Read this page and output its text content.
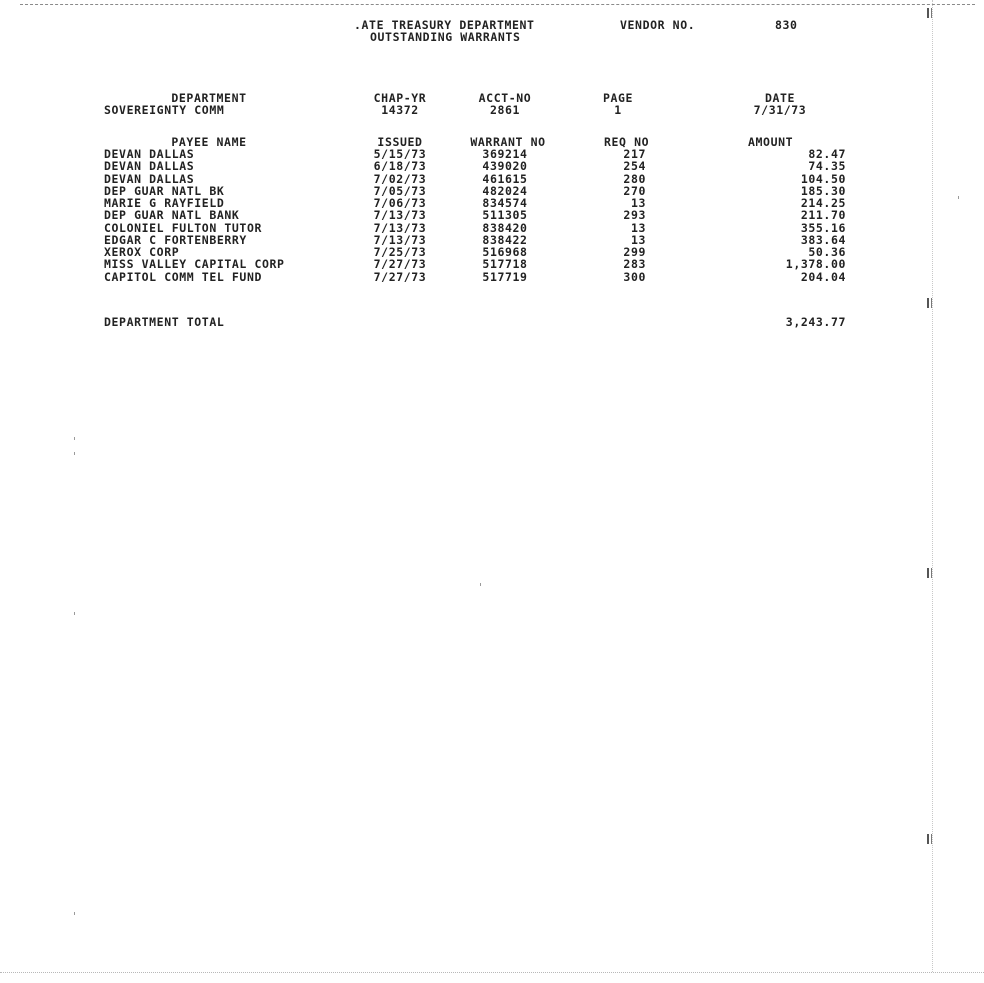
.ATE TREASURY DEPARTMENT
OUTSTANDING WARRANTS
VENDOR NO.	830
DEPARTMENT	CHAP-YR	ACCT-NO	PAGE	DATE
SOVEREIGNTY COMM	14372	2861	1	7/31/73
PAYEE NAME	ISSUED	WARRANT NO	REQ NO	AMOUNT
DEVAN DALLAS	5/15/73	369214	217	82.47
DEVAN DALLAS	6/18/73	439020	254	74.35
DEVAN DALLAS	7/02/73	461615	280	104.50
DEP GUAR NATL BK	7/05/73	482024	270	185.30
MARIE G RAYFIELD	7/06/73	834574	13	214.25
DEP GUAR NATL BANK	7/13/73	511305	293	211.70
COLONIEL FULTON TUTOR	7/13/73	838420	13	355.16
EDGAR C FORTENBERRY	7/13/73	838422	13	383.64
XEROX CORP	7/25/73	516968	299	50.36
MISS VALLEY CAPITAL CORP	7/27/73	517718	283	1,378.00
CAPITOL COMM TEL FUND	7/27/73	517719	300	204.04
DEPARTMENT TOTAL	3,243.77
